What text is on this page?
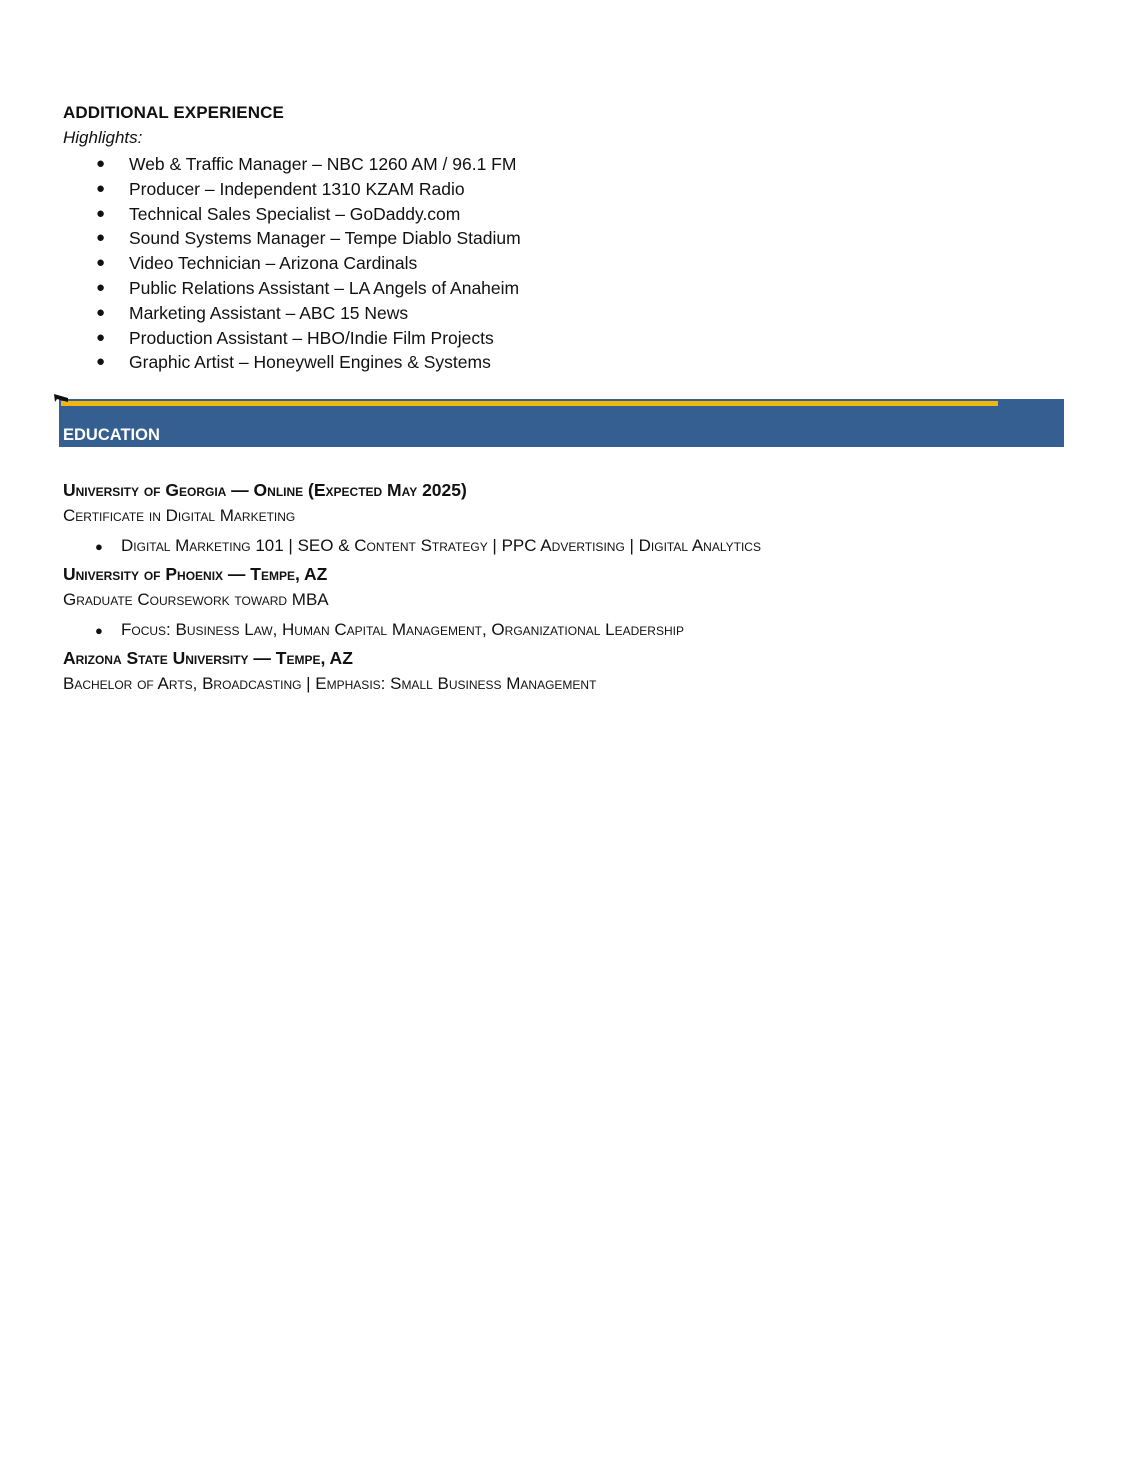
ADDITIONAL EXPERIENCE
Highlights:
● Web & Traffic Manager – NBC 1260 AM / 96.1 FM
● Producer – Independent 1310 KZAM Radio
● Technical Sales Specialist – GoDaddy.com
● Sound Systems Manager – Tempe Diablo Stadium
● Video Technician – Arizona Cardinals
● Public Relations Assistant – LA Angels of Anaheim
● Marketing Assistant – ABC 15 News
● Production Assistant – HBO/Indie Film Projects
● Graphic Artist – Honeywell Engines & Systems
EDUCATION
University of Georgia — Online (Expected May 2025)
Certificate in Digital Marketing
● Digital Marketing 101 | SEO & Content Strategy | PPC Advertising | Digital Analytics
University of Phoenix — Tempe, AZ
Graduate Coursework toward MBA
● Focus: Business Law, Human Capital Management, Organizational Leadership
Arizona State University — Tempe, AZ
Bachelor of Arts, Broadcasting | Emphasis: Small Business Management
